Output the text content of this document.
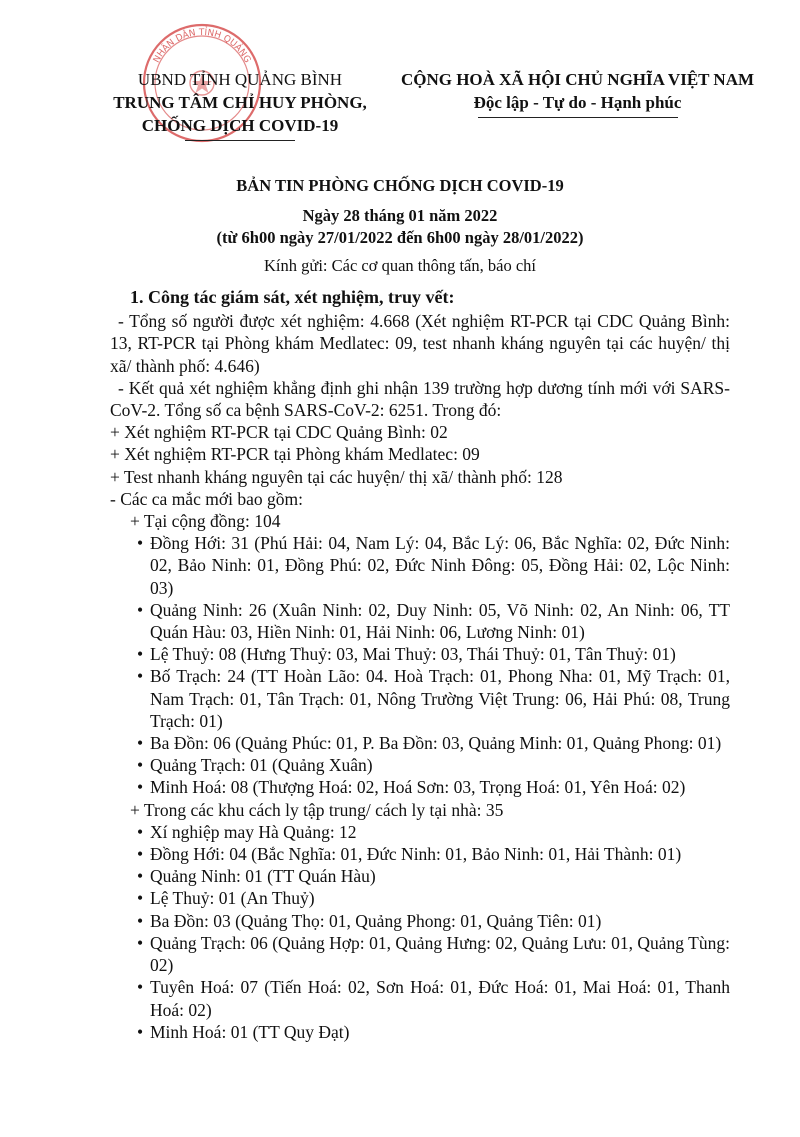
NHÂN DÂN TỈNH QUẢNG
UBND TỈNH QUẢNG BÌNH
TRUNG TÂM CHỈ HUY PHÒNG,
CHỐNG DỊCH COVID-19
CỘNG HOÀ XÃ HỘI CHỦ NGHĨA VIỆT NAM
Độc lập - Tự do - Hạnh phúc
BẢN TIN PHÒNG CHỐNG DỊCH COVID-19
Ngày 28 tháng 01 năm 2022
(từ 6h00 ngày 27/01/2022 đến 6h00 ngày 28/01/2022)
Kính gửi: Các cơ quan thông tấn, báo chí
1. Công tác giám sát, xét nghiệm, truy vết:

- Tổng số người được xét nghiệm: 4.668 (Xét nghiệm RT-PCR tại CDC Quảng Bình: 13, RT-PCR tại Phòng khám Medlatec: 09, test nhanh kháng nguyên tại các huyện/ thị xã/ thành phố: 4.646)

- Kết quả xét nghiệm khẳng định ghi nhận 139 trường hợp dương tính mới với SARS-CoV-2. Tổng số ca bệnh SARS-CoV-2: 6251. Trong đó:

+ Xét nghiệm RT-PCR tại CDC Quảng Bình: 02
+ Xét nghiệm RT-PCR tại Phòng khám Medlatec: 09
+ Test nhanh kháng nguyên tại các huyện/ thị xã/ thành phố: 128
- Các ca mắc mới bao gồm:
+ Tại cộng đồng: 104
• Đồng Hới: 31 (Phú Hải: 04, Nam Lý: 04, Bắc Lý: 06, Bắc Nghĩa: 02, Đức Ninh: 02, Bảo Ninh: 01, Đồng Phú: 02, Đức Ninh Đông: 05, Đồng Hải: 02, Lộc Ninh: 03)
• Quảng Ninh: 26 (Xuân Ninh: 02, Duy Ninh: 05, Võ Ninh: 02, An Ninh: 06, TT Quán Hàu: 03, Hiền Ninh: 01, Hải Ninh: 06, Lương Ninh: 01)
• Lệ Thuỷ: 08 (Hưng Thuỷ: 03, Mai Thuỷ: 03, Thái Thuỷ: 01, Tân Thuỷ: 01)
• Bố Trạch: 24 (TT Hoàn Lão: 04. Hoà Trạch: 01, Phong Nha: 01, Mỹ Trạch: 01, Nam Trạch: 01, Tân Trạch: 01, Nông Trường Việt Trung: 06, Hải Phú: 08, Trung Trạch: 01)
• Ba Đồn: 06 (Quảng Phúc: 01, P. Ba Đồn: 03, Quảng Minh: 01, Quảng Phong: 01)
• Quảng Trạch: 01 (Quảng Xuân)
• Minh Hoá: 08 (Thượng Hoá: 02, Hoá Sơn: 03, Trọng Hoá: 01, Yên Hoá: 02)
+ Trong các khu cách ly tập trung/ cách ly tại nhà: 35
• Xí nghiệp may Hà Quảng: 12
• Đồng Hới: 04 (Bắc Nghĩa: 01, Đức Ninh: 01, Bảo Ninh: 01, Hải Thành: 01)
• Quảng Ninh: 01 (TT Quán Hàu)
• Lệ Thuỷ: 01 (An Thuỷ)
• Ba Đồn: 03 (Quảng Thọ: 01, Quảng Phong: 01, Quảng Tiên: 01)
• Quảng Trạch: 06 (Quảng Hợp: 01, Quảng Hưng: 02, Quảng Lưu: 01, Quảng Tùng: 02)
• Tuyên Hoá: 07 (Tiến Hoá: 02, Sơn Hoá: 01, Đức Hoá: 01, Mai Hoá: 01, Thanh Hoá: 02)
• Minh Hoá: 01 (TT Quy Đạt)
